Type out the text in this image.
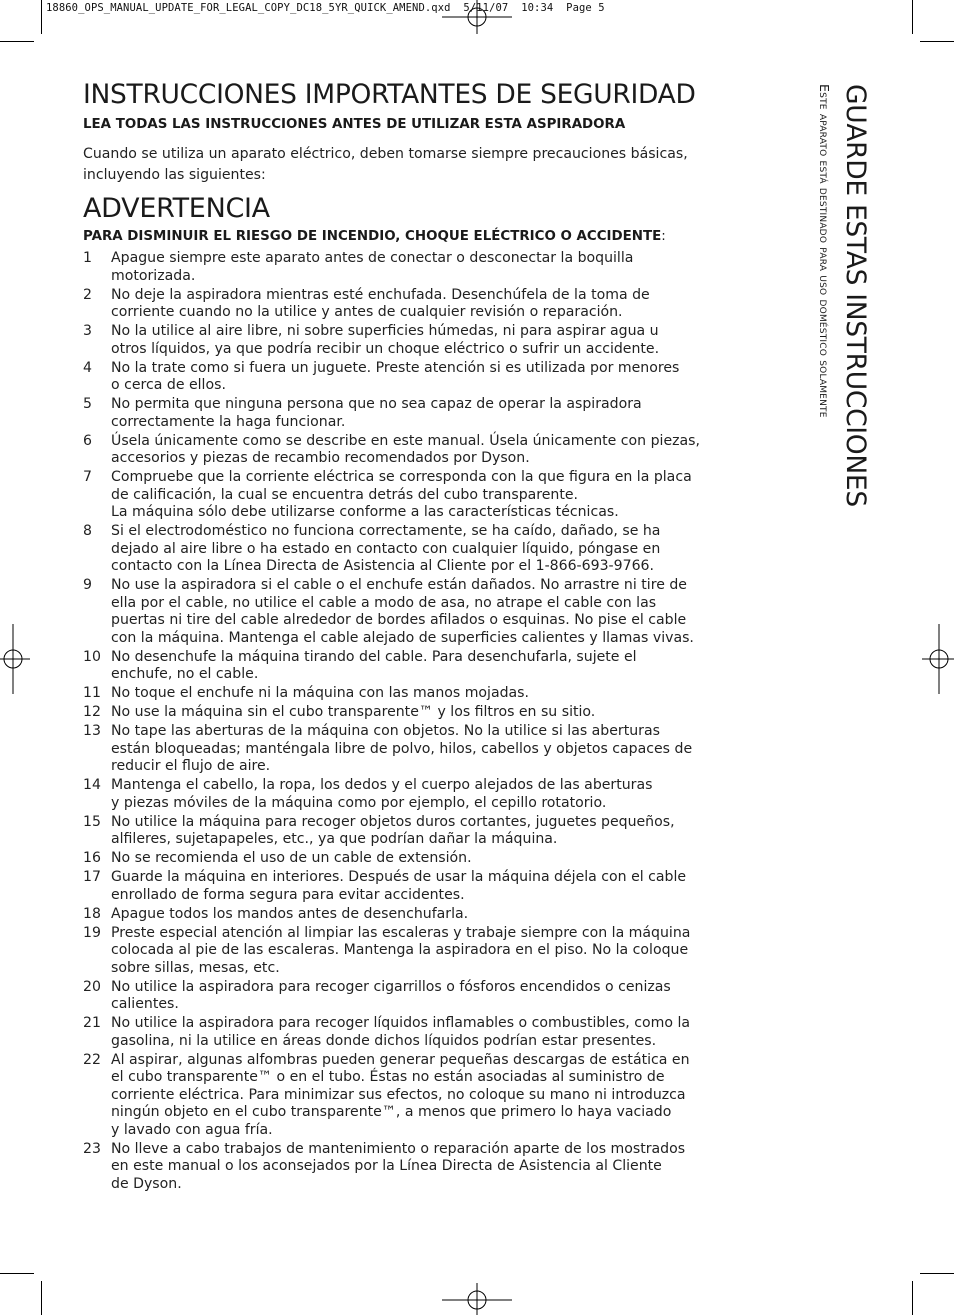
18860_OPS_MANUAL_UPDATE_FOR_LEGAL_COPY_DC18_5YR_QUICK_AMEND.qxd  5/11/07  10:34  Page 5
INSTRUCCIONES IMPORTANTES DE SEGURIDAD
LEA TODAS LAS INSTRUCCIONES ANTES DE UTILIZAR ESTA ASPIRADORA
Cuando se utiliza un aparato eléctrico, deben tomarse siempre precauciones básicas,
incluyendo las siguientes:
ADVERTENCIA
PARA DISMINUIR EL RIESGO DE INCENDIO, CHOQUE ELÉCTRICO O ACCIDENTE:
1 Apague siempre este aparato antes de conectar o desconectar la boquilla
motorizada.
2 No deje la aspiradora mientras esté enchufada. Desenchúfela de la toma de
corriente cuando no la utilice y antes de cualquier revisión o reparación.
3 No la utilice al aire libre, ni sobre superficies húmedas, ni para aspirar agua u
otros líquidos, ya que podría recibir un choque eléctrico o sufrir un accidente.
4 No la trate como si fuera un juguete. Preste atención si es utilizada por menores
o cerca de ellos.
5 No permita que ninguna persona que no sea capaz de operar la aspiradora
correctamente la haga funcionar.
6 Úsela únicamente como se describe en este manual. Úsela únicamente con piezas,
accesorios y piezas de recambio recomendados por Dyson.
7 Compruebe que la corriente eléctrica se corresponda con la que figura en la placa
de calificación, la cual se encuentra detrás del cubo transparente.
La máquina sólo debe utilizarse conforme a las características técnicas.
8 Si el electrodoméstico no funciona correctamente, se ha caído, dañado, se ha
dejado al aire libre o ha estado en contacto con cualquier líquido, póngase en
contacto con la Línea Directa de Asistencia al Cliente por el 1-866-693-9766.
9 No use la aspiradora si el cable o el enchufe están dañados. No arrastre ni tire de
ella por el cable, no utilice el cable a modo de asa, no atrape el cable con las
puertas ni tire del cable alrededor de bordes afilados o esquinas. No pise el cable
con la máquina. Mantenga el cable alejado de superficies calientes y llamas vivas.
10 No desenchufe la máquina tirando del cable. Para desenchufarla, sujete el
enchufe, no el cable.
11 No toque el enchufe ni la máquina con las manos mojadas.
12 No use la máquina sin el cubo transparente™ y los filtros en su sitio.
13 No tape las aberturas de la máquina con objetos. No la utilice si las aberturas
están bloqueadas; manténgala libre de polvo, hilos, cabellos y objetos capaces de
reducir el flujo de aire.
14 Mantenga el cabello, la ropa, los dedos y el cuerpo alejados de las aberturas
y piezas móviles de la máquina como por ejemplo, el cepillo rotatorio.
15 No utilice la máquina para recoger objetos duros cortantes, juguetes pequeños,
alfileres, sujetapapeles, etc., ya que podrían dañar la máquina.
16 No se recomienda el uso de un cable de extensión.
17 Guarde la máquina en interiores. Después de usar la máquina déjela con el cable
enrollado de forma segura para evitar accidentes.
18 Apague todos los mandos antes de desenchufarla.
19 Preste especial atención al limpiar las escaleras y trabaje siempre con la máquina
colocada al pie de las escaleras. Mantenga la aspiradora en el piso. No la coloque
sobre sillas, mesas, etc.
20 No utilice la aspiradora para recoger cigarrillos o fósforos encendidos o cenizas
calientes.
21 No utilice la aspiradora para recoger líquidos inflamables o combustibles, como la
gasolina, ni la utilice en áreas donde dichos líquidos podrían estar presentes.
22 Al aspirar, algunas alfombras pueden generar pequeñas descargas de estática en
el cubo transparente™ o en el tubo. Éstas no están asociadas al suministro de
corriente eléctrica. Para minimizar sus efectos, no coloque su mano ni introduzca
ningún objeto en el cubo transparente™, a menos que primero lo haya vaciado
y lavado con agua fría.
23 No lleve a cabo trabajos de mantenimiento o reparación aparte de los mostrados
en este manual o los aconsejados por la Línea Directa de Asistencia al Cliente
de Dyson.
GUARDE ESTAS INSTRUCCIONES
Este aparato está destinado para uso doméstico solamente
